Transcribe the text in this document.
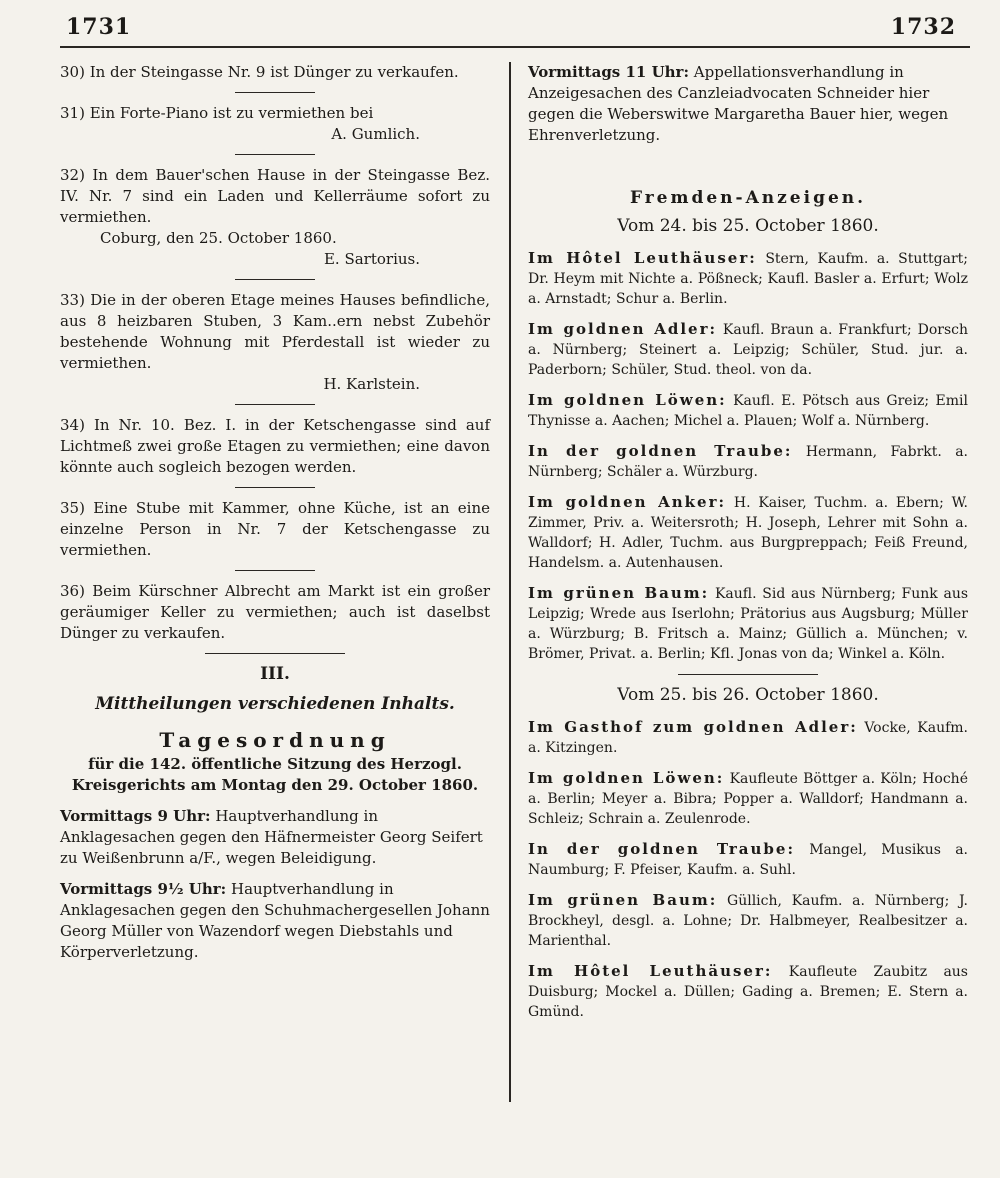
1731	1732

30) In der Steingasse Nr. 9 ist Dünger zu verkaufen.

31) Ein Forte-Piano ist zu vermiethen bei

A. Gumlich.

32) In dem Bauer'schen Hause in der Steingasse Bez. IV. Nr. 7 sind ein Laden und Kellerräume sofort zu vermiethen.

Coburg, den 25. October 1860.

E. Sartorius.

33) Die in der oberen Etage meines Hauses befindliche, aus 8 heizbaren Stuben, 3 Kam..ern nebst Zubehör bestehende Wohnung mit Pferdestall ist wieder zu vermiethen.

H. Karlstein.

34) In Nr. 10. Bez. I. in der Ketschengasse sind auf Lichtmeß zwei große Etagen zu vermiethen; eine davon könnte auch sogleich bezogen werden.

35) Eine Stube mit Kammer, ohne Küche, ist an eine einzelne Person in Nr. 7 der Ketschengasse zu vermiethen.

36) Beim Kürschner Albrecht am Markt ist ein großer geräumiger Keller zu vermiethen; auch ist daselbst Dünger zu verkaufen.

III.
Mittheilungen verschiedenen Inhalts.
Tagesordnung
für die 142. öffentliche Sitzung des Herzogl. Kreisgerichts am Montag den 29. October 1860.
Vormittags 9 Uhr: Hauptverhandlung in Anklagesachen gegen den Häfnermeister Georg Seifert zu Weißenbrunn a/F., wegen Beleidigung.
Vormittags 9½ Uhr: Hauptverhandlung in Anklagesachen gegen den Schuhmachergesellen Johann Georg Müller von Wazendorf wegen Diebstahls und Körperverletzung.
Vormittags 11 Uhr: Appellationsverhandlung in Anzeigesachen des Canzleiadvocaten Schneider hier gegen die Weberswitwe Margaretha Bauer hier, wegen Ehrenverletzung.
Fremden-Anzeigen.
Vom 24. bis 25. October 1860.
Im Hôtel Leuthäuser: Stern, Kaufm. a. Stuttgart; Dr. Heym mit Nichte a. Pößneck; Kaufl. Basler a. Erfurt; Wolz a. Arnstadt; Schur a. Berlin.
Im goldnen Adler: Kaufl. Braun a. Frankfurt; Dorsch a. Nürnberg; Steinert a. Leipzig; Schüler, Stud. jur. a. Paderborn; Schüler, Stud. theol. von da.
Im goldnen Löwen: Kaufl. E. Pötsch aus Greiz; Emil Thynisse a. Aachen; Michel a. Plauen; Wolf a. Nürnberg.
In der goldnen Traube: Hermann, Fabrkt. a. Nürnberg; Schäler a. Würzburg.
Im goldnen Anker: H. Kaiser, Tuchm. a. Ebern; W. Zimmer, Priv. a. Weitersroth; H. Joseph, Lehrer mit Sohn a. Walldorf; H. Adler, Tuchm. aus Burgpreppach; Feiß Freund, Handelsm. a. Autenhausen.
Im grünen Baum: Kaufl. Sid aus Nürnberg; Funk aus Leipzig; Wrede aus Iserlohn; Prätorius aus Augsburg; Müller a. Würzburg; B. Fritsch a. Mainz; Güllich a. München; v. Brömer, Privat. a. Berlin; Kfl. Jonas von da; Winkel a. Köln.
Vom 25. bis 26. October 1860.
Im Gasthof zum goldnen Adler: Vocke, Kaufm. a. Kitzingen.
Im goldnen Löwen: Kaufleute Böttger a. Köln; Hoché a. Berlin; Meyer a. Bibra; Popper a. Walldorf; Handmann a. Schleiz; Schrain a. Zeulenrode.
In der goldnen Traube: Mangel, Musikus a. Naumburg; F. Pfeiser, Kaufm. a. Suhl.
Im grünen Baum: Güllich, Kaufm. a. Nürnberg; J. Brockheyl, desgl. a. Lohne; Dr. Halbmeyer, Realbesitzer a. Marienthal.
Im Hôtel Leuthäuser: Kaufleute Zaubitz aus Duisburg; Mockel a. Düllen; Gading a. Bremen; E. Stern a. Gmünd.
